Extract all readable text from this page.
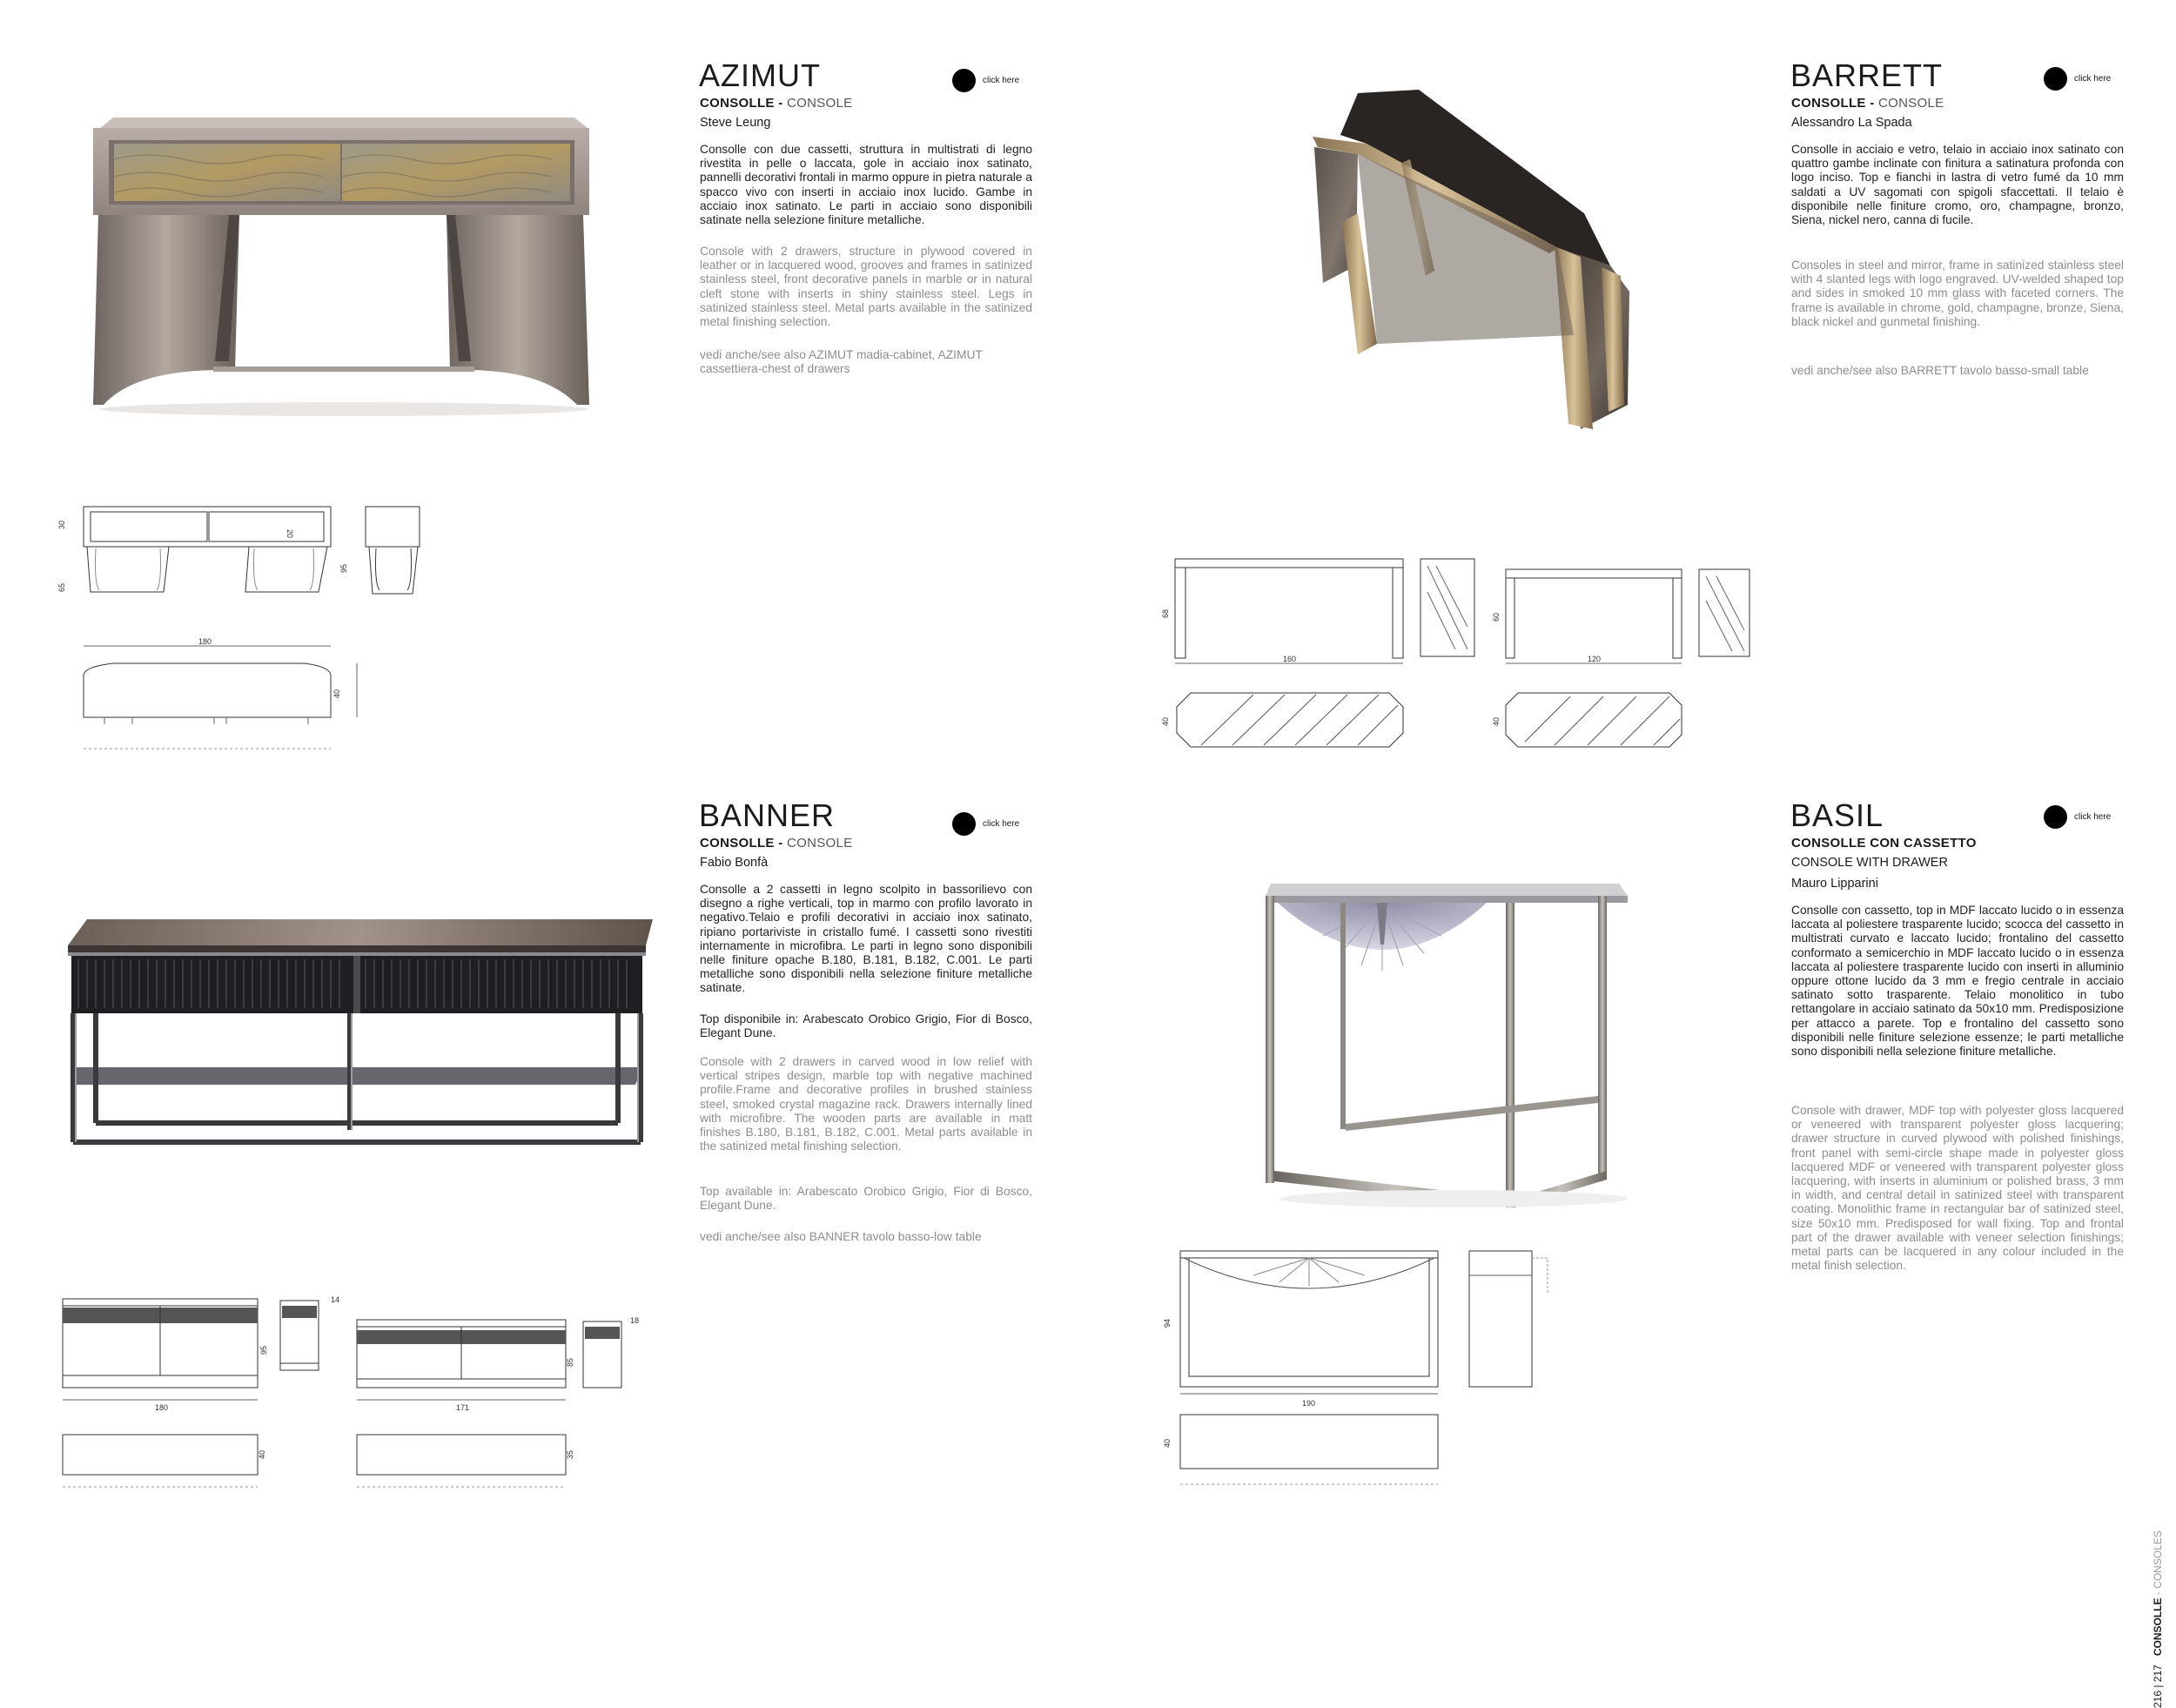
AZIMUT	click here
CONSOLLE - CONSOLE
Steve Leung
Consolle con due cassetti, struttura in multistrati di legno rivestita in pelle o laccata, gole in acciaio inox satinato, pannelli decorativi frontali in marmo oppure in pietra naturale a spacco vivo con inserti in acciaio inox lucido. Gambe in acciaio inox satinato. Le parti in acciaio sono disponibili satinate nella selezione finiture metalliche.
Console with 2 drawers, structure in plywood covered in leather or in lacquered wood, grooves and frames in satinized stainless steel, front decorative panels in marble or in natural cleft stone with inserts in shiny stainless steel. Legs in satinized stainless steel. Metal parts available in the satinized metal finishing selection.
vedi anche/see also AZIMUT madia-cabinet, AZIMUT cassettiera-chest of drawers
30
65
95
20
180
40
BANNER	click here
CONSOLLE - CONSOLE
Fabio Bonfà
Consolle a 2 cassetti in legno scolpito in bassorilievo con disegno a righe verticali, top in marmo con profilo lavorato in negativo.Telaio e profili decorativi in acciaio inox satinato, ripiano portariviste in cristallo fumé. I cassetti sono rivestiti internamente in microfibra. Le parti in legno sono disponibili nelle finiture opache B.180, B.181, B.182, C.001. Le parti metalliche sono disponibili nella selezione finiture metalliche satinate.
Top disponibile in: Arabescato Orobico Grigio, Fior di Bosco, Elegant Dune.
Console with 2 drawers in carved wood in low relief with vertical stripes design, marble top with negative machined profile.Frame and decorative profiles in brushed stainless steel, smoked crystal magazine rack. Drawers internally lined with microfibre. The wooden parts are available in matt finishes B.180, B.181, B.182, C.001. Metal parts available in the satinized metal finishing selection.
Top available in: Arabescato Orobico Grigio, Fior di Bosco, Elegant Dune.
vedi anche/see also BANNER tavolo basso-low table
95
180
40
14
85
171
35
18
BARRETT	click here
CONSOLLE - CONSOLE
Alessandro La Spada
Consolle in acciaio e vetro, telaio in acciaio inox satinato con quattro gambe inclinate con finitura a satinatura profonda con logo inciso. Top e fianchi in lastra di vetro fumé da 10 mm saldati a UV sagomati con spigoli sfaccettati. Il telaio è disponibile nelle finiture cromo, oro, champagne, bronzo, Siena, nickel nero, canna di fucile.
Consoles in steel and mirror, frame in satinized stainless steel with 4 slanted legs with logo engraved. UV-welded shaped top and sides in smoked 10 mm glass with faceted corners. The frame is available in chrome, gold, champagne, bronze, Siena, black nickel and gunmetal finishing.
vedi anche/see also BARRETT tavolo basso-small table
68
160
40
60
120
40
BASIL	click here
CONSOLLE CON CASSETTO
CONSOLE WITH DRAWER
Mauro Lipparini
Consolle con cassetto, top in MDF laccato lucido o in essenza laccata al poliestere trasparente lucido; scocca del cassetto in multistrati curvato e laccato lucido; frontalino del cassetto conformato a semicerchio in MDF laccato lucido o in essenza laccata al poliestere trasparente lucido con inserti in alluminio oppure ottone lucido da 3 mm e fregio centrale in acciaio satinato sotto trasparente. Telaio monolitico in tubo rettangolare in acciaio satinato da 50x10 mm. Predisposizione per attacco a parete. Top e frontalino del cassetto sono disponibili nelle finiture selezione essenze; le parti metalliche sono disponibili nella selezione finiture metalliche.
Console with drawer, MDF top with polyester gloss lacquered or veneered with transparent polyester gloss lacquering; drawer structure in curved plywood with polished finishings, front panel with semi-circle shape made in polyester gloss lacquered MDF or veneered with transparent polyester gloss lacquering, with inserts in aluminium or polished brass, 3 mm in width, and central detail in satinized steel with transparent coating. Monolithic frame in rectangular bar of satinized steel, size 50x10 mm. Predisposed for wall fixing. Top and frontal part of the drawer available with veneer selection finishings; metal parts can be lacquered in any colour included in the metal finish selection.
94
190
40
216 | 217   CONSOLLE - CONSOLES
